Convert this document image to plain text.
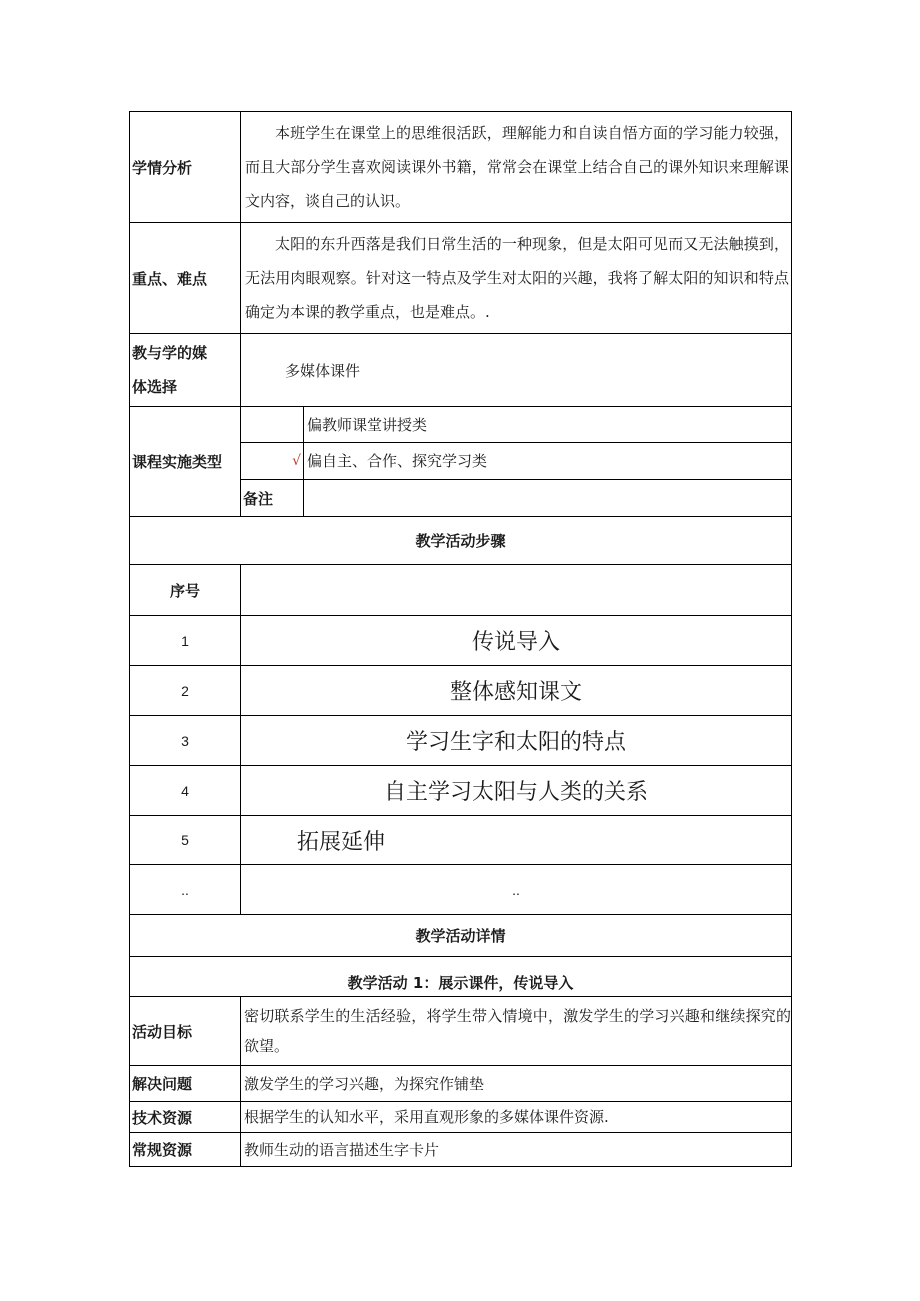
学情分析	本班学生在课堂上的思维很活跃，理解能力和自读自悟方面的学习能力较强，而且大部分学生喜欢阅读课外书籍，常常会在课堂上结合自己的课外知识来理解课文内容，谈自己的认识。	
重点、难点	太阳的东升西落是我们日常生活的一种现象，但是太阳可见而又无法触摸到，无法用肉眼观察。针对这一特点及学生对太阳的兴趣，我将了解太阳的知识和特点确定为本课的教学重点，也是难点。.	

教与学的媒
体选择	多媒体课件	
课程实施类型		偏教师课堂讲授类
	√	偏自主、合作、探究学习类
	备注	
教学活动步骤		
序号		
1	传说导入	
2	整体感知课文	
3	学习生字和太阳的特点	
4	自主学习太阳与人类的关系	
5	拓展延伸	
..	..	
教学活动详情		
教学活动 1：展示课件，传说导入		
活动目标	密切联系学生的生活经验，将学生带入情境中，激发学生的学习兴趣和继续探究的欲望。	
解决问题	激发学生的学习兴趣，为探究作铺垫	
技术资源	根据学生的认知水平，采用直观形象的多媒体课件资源.	
常规资源	教师生动的语言描述生字卡片	
